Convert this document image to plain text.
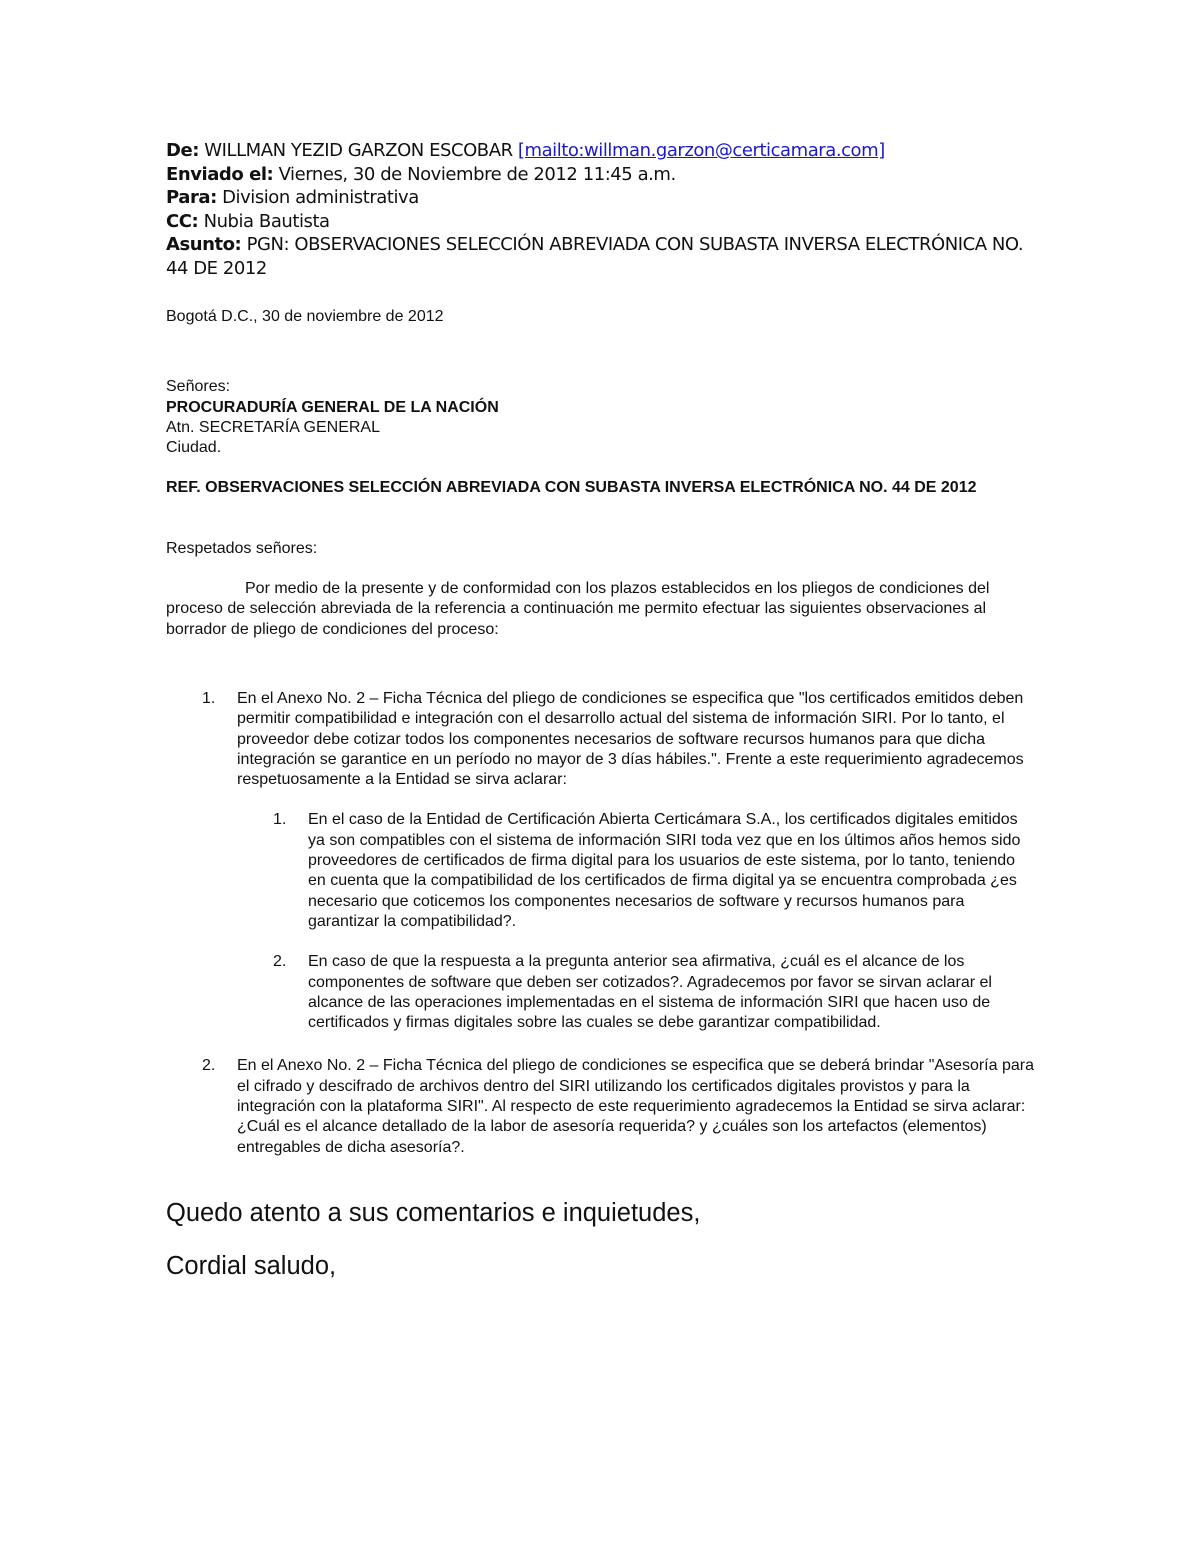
De: WILLMAN YEZID GARZON ESCOBAR [mailto:willman.garzon@certicamara.com]
Enviado el: Viernes, 30 de Noviembre de 2012 11:45 a.m.
Para: Division administrativa
CC: Nubia Bautista
Asunto: PGN: OBSERVACIONES SELECCIÓN ABREVIADA CON SUBASTA INVERSA ELECTRÓNICA NO. 44 DE 2012
Bogotá D.C., 30 de noviembre de 2012
Señores:
PROCURADURÍA GENERAL DE LA NACIÓN
Atn. SECRETARÍA GENERAL
Ciudad.
REF. OBSERVACIONES SELECCIÓN ABREVIADA CON SUBASTA INVERSA ELECTRÓNICA NO. 44 DE 2012
Respetados señores:
Por medio de la presente y de conformidad con los plazos establecidos en los pliegos de condiciones del proceso de selección abreviada de la referencia a continuación me permito efectuar las siguientes observaciones al borrador de pliego de condiciones del proceso:
1. En el Anexo No. 2 – Ficha Técnica del pliego de condiciones se especifica que "los certificados emitidos deben permitir compatibilidad e integración con el desarrollo actual del sistema de información SIRI. Por lo tanto, el proveedor debe cotizar todos los componentes necesarios de software recursos humanos para que dicha integración se garantice en un período no mayor de 3 días hábiles.". Frente a este requerimiento agradecemos respetuosamente a la Entidad se sirva aclarar:
1. En el caso de la Entidad de Certificación Abierta Certicámara S.A., los certificados digitales emitidos ya son compatibles con el sistema de información SIRI toda vez que en los últimos años hemos sido proveedores de certificados de firma digital para los usuarios de este sistema, por lo tanto, teniendo en cuenta que la compatibilidad de los certificados de firma digital ya se encuentra comprobada ¿es necesario que coticemos los componentes necesarios de software y recursos humanos para garantizar la compatibilidad?.
2. En caso de que la respuesta a la pregunta anterior sea afirmativa, ¿cuál es el alcance de los componentes de software que deben ser cotizados?. Agradecemos por favor se sirvan aclarar el alcance de las operaciones implementadas en el sistema de información SIRI que hacen uso de certificados y firmas digitales sobre las cuales se debe garantizar compatibilidad.
2. En el Anexo No. 2 – Ficha Técnica del pliego de condiciones se especifica que se deberá brindar "Asesoría para el cifrado y descifrado de archivos dentro del SIRI utilizando los certificados digitales provistos y para la integración con la plataforma SIRI". Al respecto de este requerimiento agradecemos la Entidad se sirva aclarar: ¿Cuál es el alcance detallado de la labor de asesoría requerida? y ¿cuáles son los artefactos (elementos) entregables de dicha asesoría?.
Quedo atento a sus comentarios e inquietudes,
Cordial saludo,
